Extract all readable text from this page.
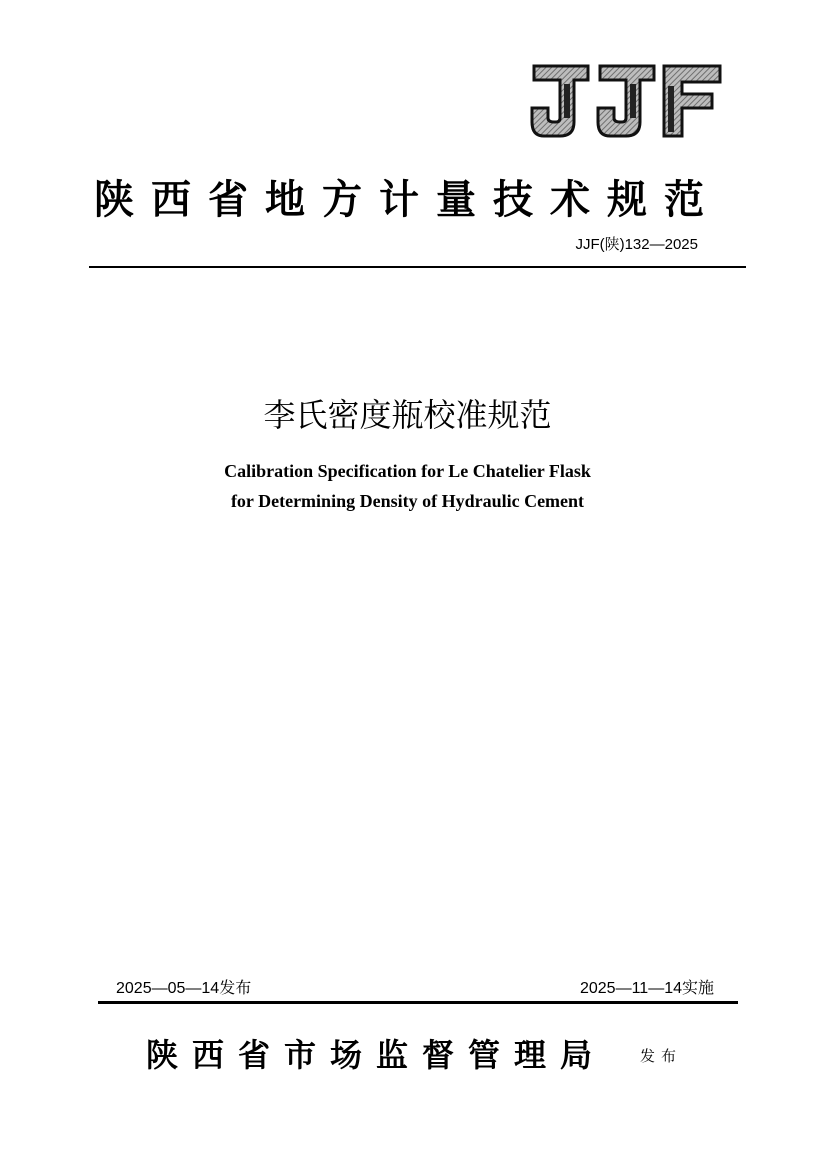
陕西省地方计量技术规范
JJF(陕)132—2025
李氏密度瓶校准规范
Calibration Specification for Le Chatelier Flask
for Determining Density of Hydraulic Cement
2025—05—14发布	2025—11—14实施
陕西省市场监督管理局 发布
